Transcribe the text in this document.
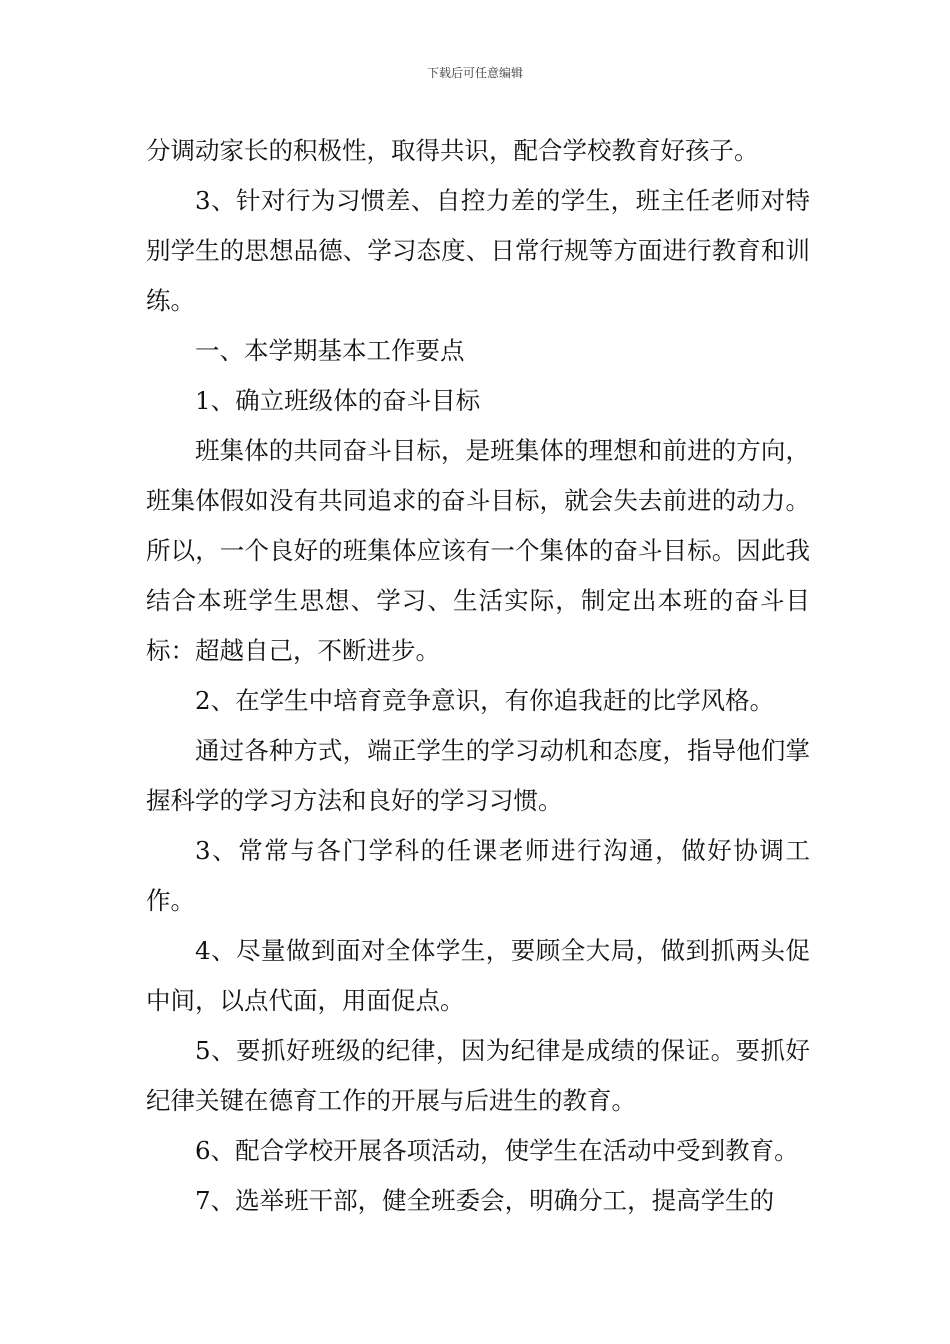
下载后可任意编辑

分调动家长的积极性，取得共识，配合学校教育好孩子。

3、针对行为习惯差、自控力差的学生，班主任老师对特别学生的思想品德、学习态度、日常行规等方面进行教育和训练。

一、本学期基本工作要点

1、确立班级体的奋斗目标

班集体的共同奋斗目标，是班集体的理想和前进的方向，班集体假如没有共同追求的奋斗目标，就会失去前进的动力。所以，一个良好的班集体应该有一个集体的奋斗目标。因此我结合本班学生思想、学习、生活实际，制定出本班的奋斗目标：超越自己，不断进步。

2、在学生中培育竞争意识，有你追我赶的比学风格。

通过各种方式，端正学生的学习动机和态度，指导他们掌握科学的学习方法和良好的学习习惯。

3、常常与各门学科的任课老师进行沟通，做好协调工作。

4、尽量做到面对全体学生，要顾全大局，做到抓两头促中间，以点代面，用面促点。

5、要抓好班级的纪律，因为纪律是成绩的保证。要抓好纪律关键在德育工作的开展与后进生的教育。

6、配合学校开展各项活动，使学生在活动中受到教育。

7、选举班干部，健全班委会，明确分工，提高学生的
